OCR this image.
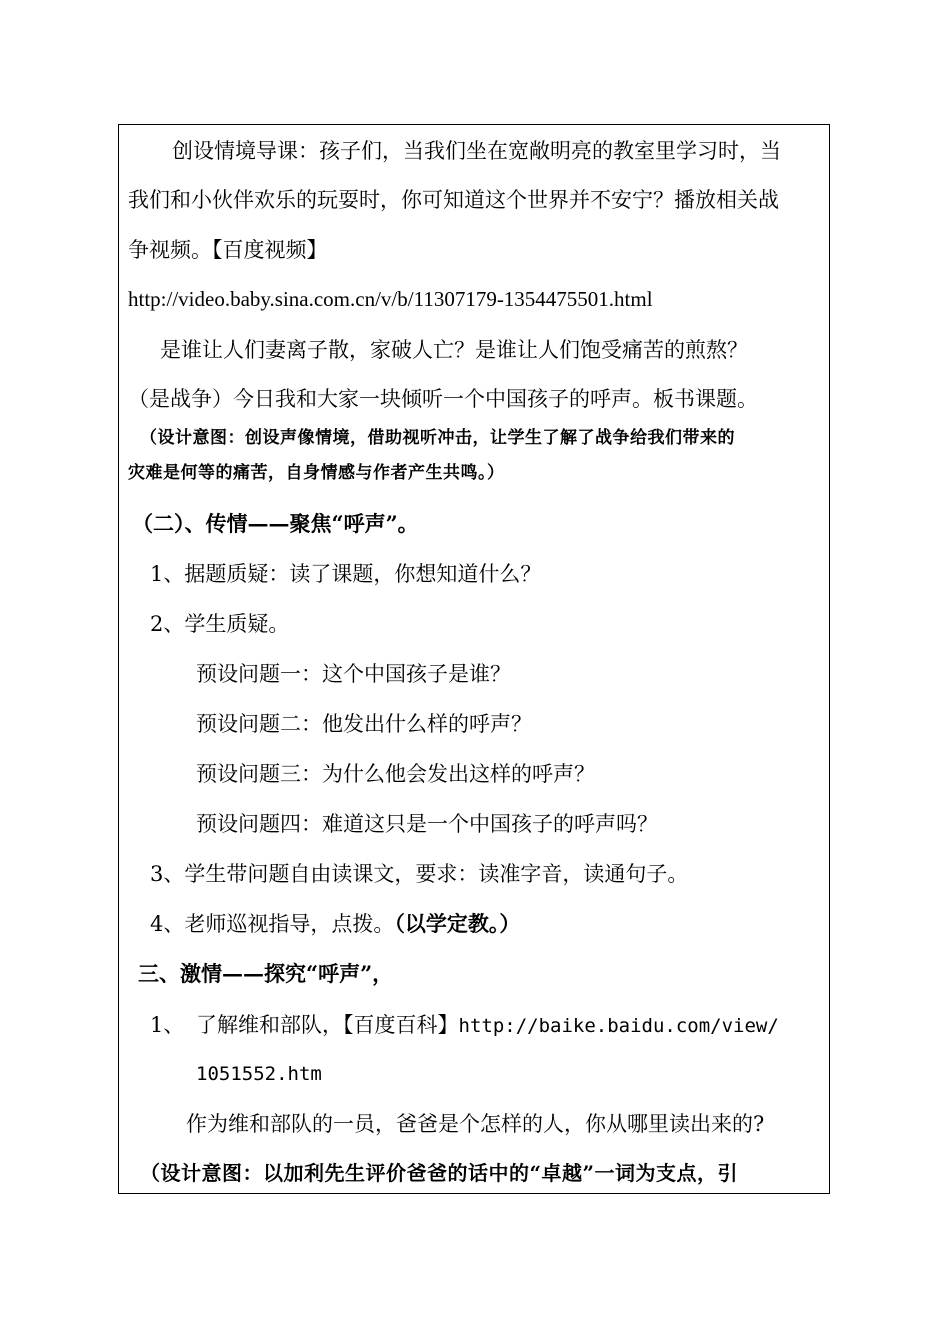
创设情境导课：孩子们，当我们坐在宽敞明亮的教室里学习时，当
我们和小伙伴欢乐的玩耍时，你可知道这个世界并不安宁？播放相关战
争视频。【百度视频】
http://video.baby.sina.com.cn/v/b/11307179-1354475501.html
是谁让人们妻离子散，家破人亡？是谁让人们饱受痛苦的煎熬？
（是战争）今日我和大家一块倾听一个中国孩子的呼声。板书课题。
（设计意图：创设声像情境，借助视听冲击，让学生了解了战争给我们带来的
灾难是何等的痛苦，自身情感与作者产生共鸣。）
（二）、传情——聚焦“呼声”。
1、据题质疑：读了课题，你想知道什么？
2、学生质疑。
预设问题一：这个中国孩子是谁？
预设问题二：他发出什么样的呼声？
预设问题三：为什么他会发出这样的呼声？
预设问题四：难道这只是一个中国孩子的呼声吗？
3、学生带问题自由读课文，要求：读准字音，读通句子。
4、老师巡视指导，点拨。（以学定教。）
三、激情——探究“呼声”，
1、 了解维和部队，【百度百科】http://baike.baidu.com/view/
1051552.htm
作为维和部队的一员，爸爸是个怎样的人，你从哪里读出来的?
（设计意图：以加利先生评价爸爸的话中的“卓越”一词为支点，引
